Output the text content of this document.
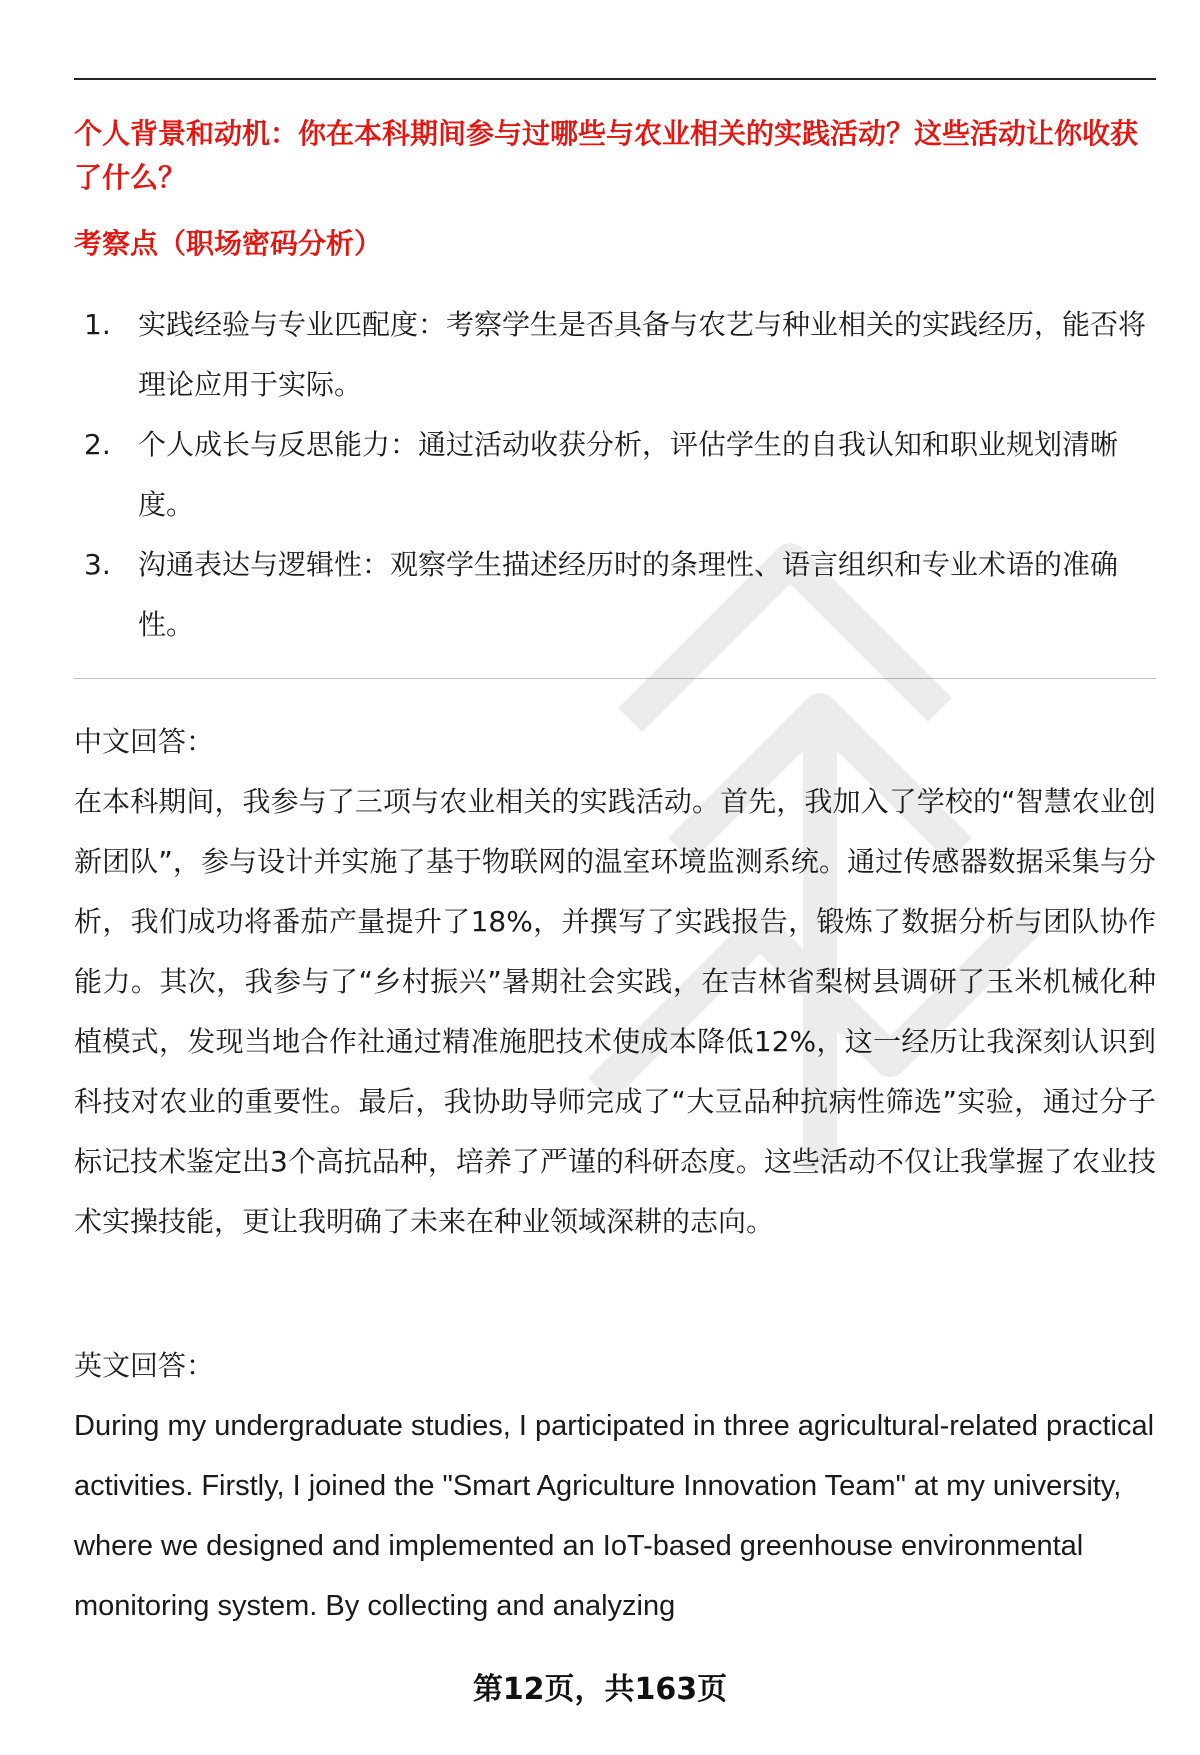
个人背景和动机：你在本科期间参与过哪些与农业相关的实践活动？这些活动让你收获了什么？
考察点（职场密码分析）
1. 实践经验与专业匹配度：考察学生是否具备与农艺与种业相关的实践经历，能否将理论应用于实际。
2. 个人成长与反思能力：通过活动收获分析，评估学生的自我认知和职业规划清晰度。
3. 沟通表达与逻辑性：观察学生描述经历时的条理性、语言组织和专业术语的准确性。
中文回答：
在本科期间，我参与了三项与农业相关的实践活动。首先，我加入了学校的“智慧农业创新团队”，参与设计并实施了基于物联网的温室环境监测系统。通过传感器数据采集与分析，我们成功将番茄产量提升了18%，并撰写了实践报告，锻炼了数据分析与团队协作能力。其次，我参与了“乡村振兴”暑期社会实践，在吉林省梨树县调研了玉米机械化种植模式，发现当地合作社通过精准施肥技术使成本降低12%，这一经历让我深刻认识到科技对农业的重要性。最后，我协助导师完成了“大豆品种抗病性筛选”实验，通过分子标记技术鉴定出3个高抗品种，培养了严谨的科研态度。这些活动不仅让我掌握了农业技术实操技能，更让我明确了未来在种业领域深耕的志向。
英文回答：
During my undergraduate studies, I participated in three agricultural-related practical activities. Firstly, I joined the "Smart Agriculture Innovation Team" at my university, where we designed and implemented an IoT-based greenhouse environmental monitoring system. By collecting and analyzing
第12页，共163页
